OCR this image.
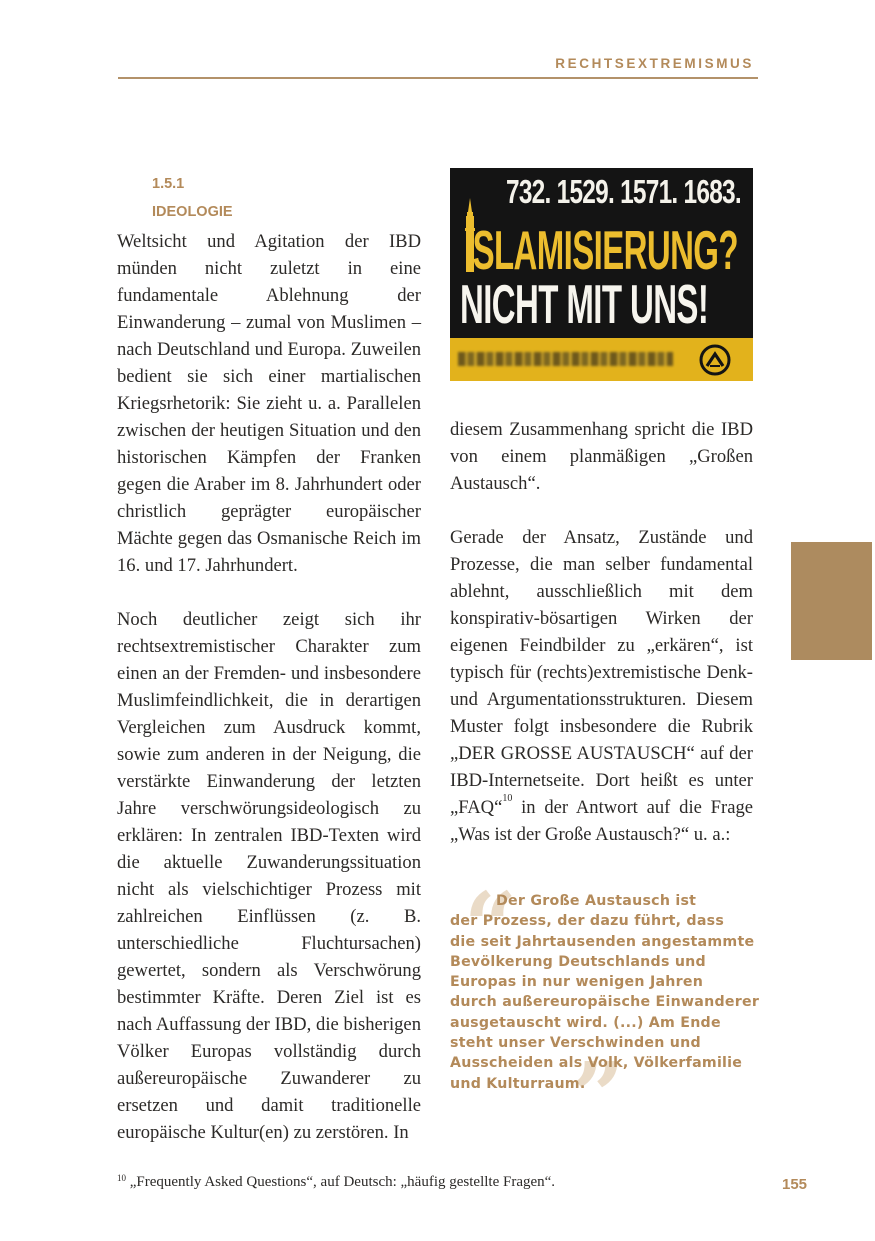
RECHTSEXTREMISMUS
1.5.1
IDEOLOGIE

Weltsicht und Agitation der IBD münden nicht zuletzt in eine fundamentale Ablehnung der Einwanderung – zumal von Muslimen – nach Deutschland und Europa. Zuweilen bedient sie sich einer martialischen Kriegsrhetorik: Sie zieht u. a. Parallelen zwischen der heutigen Situation und den historischen Kämpfen der Franken gegen die Araber im 8. Jahrhundert oder christlich geprägter europäischer Mächte gegen das Osmanische Reich im 16. und 17. Jahrhundert.

Noch deutlicher zeigt sich ihr rechtsextremistischer Charakter zum einen an der Fremden- und insbesondere Muslimfeindlichkeit, die in derartigen Vergleichen zum Ausdruck kommt, sowie zum anderen in der Neigung, die verstärkte Einwanderung der letzten Jahre verschwörungsideologisch zu erklären: In zentralen IBD-Texten wird die aktuelle Zuwanderungssituation nicht als vielschichtiger Prozess mit zahlreichen Einflüssen (z. B. unterschiedliche Fluchtursachen) gewertet, sondern als Verschwörung bestimmter Kräfte. Deren Ziel ist es nach Auffassung der IBD, die bisherigen Völker Europas vollständig durch außereuropäische Zuwanderer zu ersetzen und damit traditionelle europäische Kultur(en) zu zerstören. In

732. 1529. 1571. 1683.
ISLAMISIERUNG?
NICHT MIT UNS!

diesem Zusammenhang spricht die IBD von einem planmäßigen „Großen Austausch“.

Gerade der Ansatz, Zustände und Prozesse, die man selber fundamental ablehnt, ausschließlich mit dem konspirativ-bösartigen Wirken der eigenen Feindbilder zu „erkären“, ist typisch für (rechts)extremistische Denk- und Argumentationsstrukturen. Diesem Muster folgt insbesondere die Rubrik „DER GROSSE AUSTAUSCH“ auf der IBD-Internetseite. Dort heißt es unter „FAQ“$^{10}$ in der Antwort auf die Frage „Was ist der Große Austausch?“ u. a.:

“
”
Der Große Austausch ist
der Prozess, der dazu führt, dass
die seit Jahrtausenden angestammte
Bevölkerung Deutschlands und
Europas in nur wenigen Jahren
durch außereuropäische Einwanderer
ausgetauscht wird. (...) Am Ende
steht unser Verschwinden und
Ausscheiden als Volk, Völkerfamilie
und Kulturraum.
$^{10}$ „Frequently Asked Questions“, auf Deutsch: „häufig gestellte Fragen“.	155
